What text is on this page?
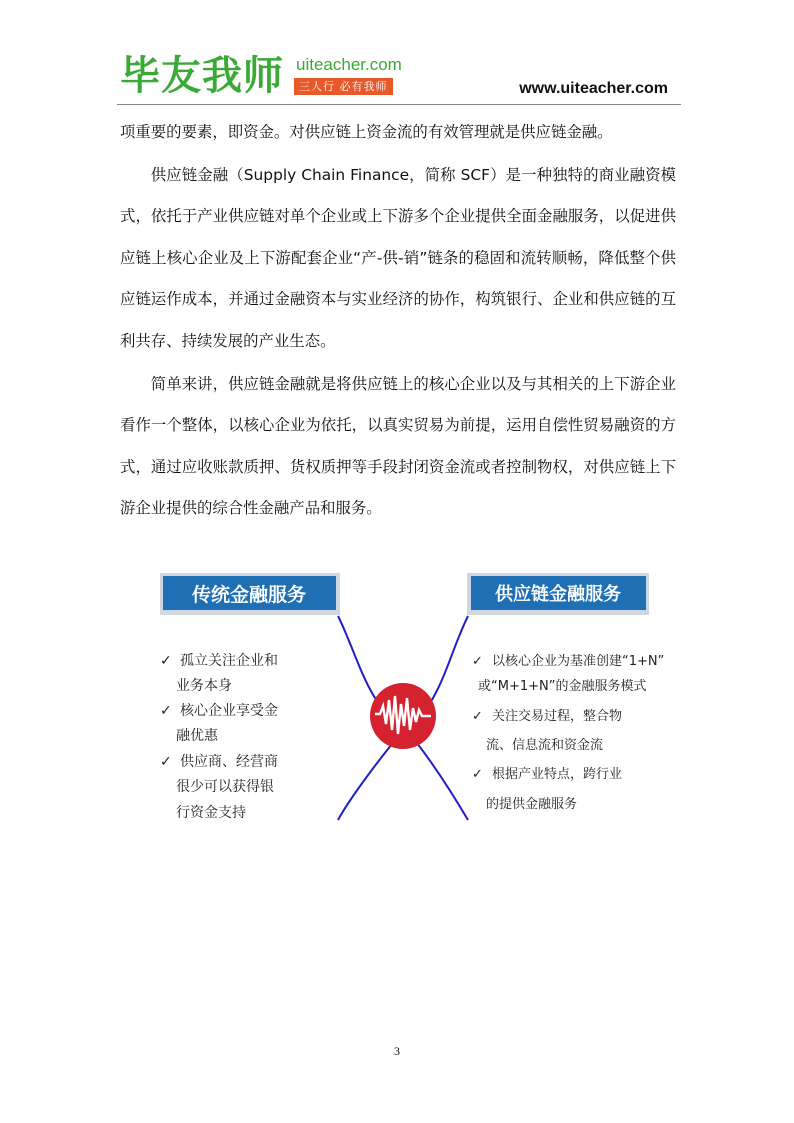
毕友我师 uiteacher.com
三人行 必有我师	www.uiteacher.com

项重要的要素，即资金。对供应链上资金流的有效管理就是供应链金融。

供应链金融（Supply Chain Finance，简称 SCF）是一种独特的商业融资模式，依托于产业供应链对单个企业或上下游多个企业提供全面金融服务，以促进供应链上核心企业及上下游配套企业“产-供-销”链条的稳固和流转顺畅，降低整个供应链运作成本，并通过金融资本与实业经济的协作，构筑银行、企业和供应链的互利共存、持续发展的产业生态。

简单来讲，供应链金融就是将供应链上的核心企业以及与其相关的上下游企业看作一个整体，以核心企业为依托，以真实贸易为前提，运用自偿性贸易融资的方式，通过应收账款质押、货权质押等手段封闭资金流或者控制物权，对供应链上下游企业提供的综合性金融产品和服务。

传统金融服务	供应链金融服务
✓ 孤立关注企业和
业务本身
✓ 核心企业享受金
融优惠
✓ 供应商、经营商
很少可以获得银
行资金支持
✓ 以核心企业为基准创建“1+N”
或“M+1+N”的金融服务模式
✓ 关注交易过程，整合物
流、信息流和资金流
✓ 根据产业特点，跨行业
的提供金融服务
3
